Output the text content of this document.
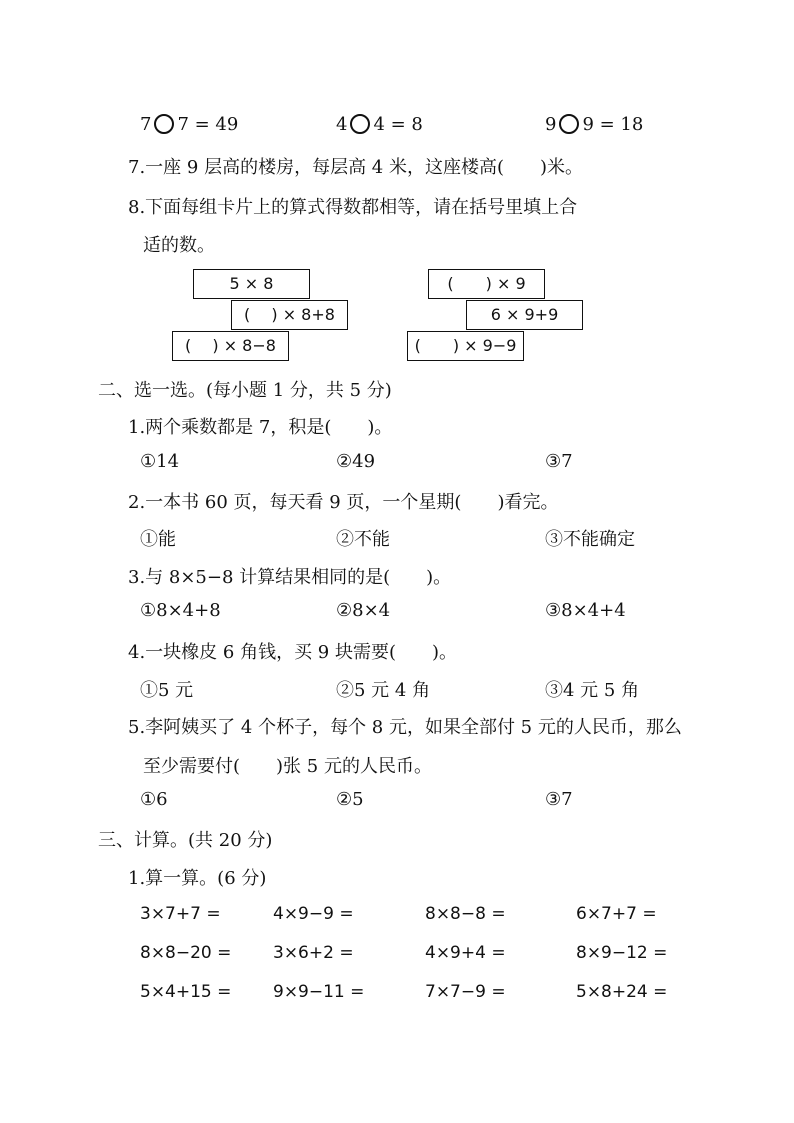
7 7 = 49	4 4 = 8	9 9 = 18
7.一座 9 层高的楼房，每层高 4 米，这座楼高(　　)米。
8.下面每组卡片上的算式得数都相等，请在括号里填上合
适的数。
5 × 8
(　 ) × 8+8
(　 ) × 8−8
(　　) × 9
6 × 9+9
(　　) × 9−9
二、选一选。(每小题 1 分，共 5 分)
1.两个乘数都是 7，积是(　　)。
①14	②49	③7
2.一本书 60 页，每天看 9 页，一个星期(　　)看完。
①能	②不能	③不能确定
3.与 8×5−8 计算结果相同的是(　　)。
①8×4+8	②8×4	③8×4+4
4.一块橡皮 6 角钱，买 9 块需要(　　)。
①5 元	②5 元 4 角	③4 元 5 角
5.李阿姨买了 4 个杯子，每个 8 元，如果全部付 5 元的人民币，那么
至少需要付(　　)张 5 元的人民币。
①6	②5	③7
三、计算。(共 20 分)
1.算一算。(6 分)
3×7+7 =	4×9−9 =	8×8−8 =	6×7+7 =
8×8−20 = 3×6+2 =	4×9+4 =	8×9−12 =
5×4+15 = 9×9−11 =	7×7−9 =	5×8+24 =
